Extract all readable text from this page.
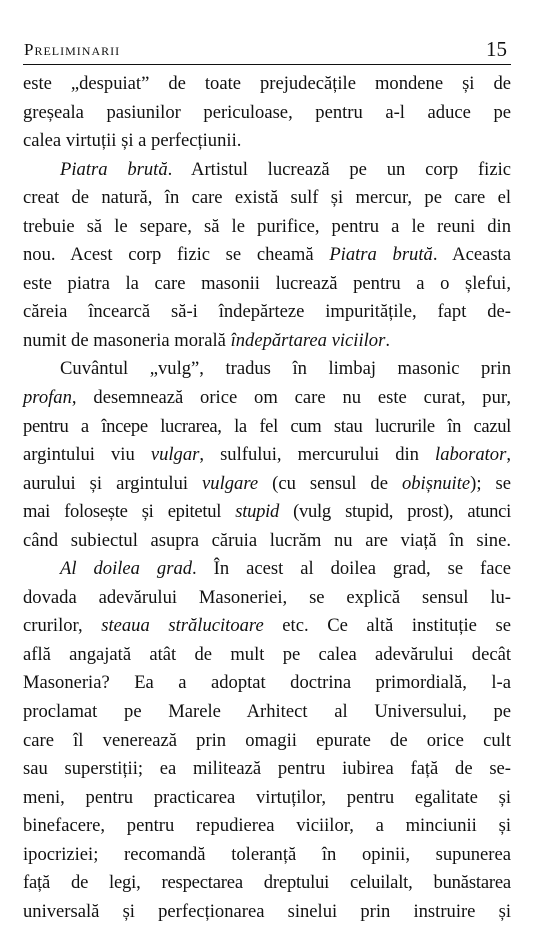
Preliminarii	15

este „despuiat” de toate prejudecățile mondene și de
greșeala pasiunilor periculoase, pentru a-l aduce pe
calea virtuții și a perfecțiunii.

Piatra brută. Artistul lucrează pe un corp fizic
creat de natură, în care există sulf și mercur, pe care el
trebuie să le separe, să le purifice, pentru a le reuni din
nou. Acest corp fizic se cheamă Piatra brută. Aceasta
este piatra la care masonii lucrează pentru a o șlefui,
căreia încearcă să-i îndepărteze impuritățile, fapt de-
numit de masoneria morală îndepărtarea viciilor.

Cuvântul „vulg”, tradus în limbaj masonic prin
profan, desemnează orice om care nu este curat, pur,
pentru a începe lucrarea, la fel cum stau lucrurile în cazul
argintului viu vulgar, sulfului, mercurului din laborator,
aurului și argintului vulgare (cu sensul de obișnuite); se
mai folosește și epitetul stupid (vulg stupid, prost), atunci
când subiectul asupra căruia lucrăm nu are viață în sine.

Al doilea grad. În acest al doilea grad, se face
dovada adevărului Masoneriei, se explică sensul lu-
crurilor, steaua strălucitoare etc. Ce altă instituție se
află angajată atât de mult pe calea adevărului decât
Masoneria? Ea a adoptat doctrina primordială, l-a
proclamat pe Marele Arhitect al Universului, pe
care îl venerează prin omagii epurate de orice cult
sau superstiții; ea militează pentru iubirea față de se-
meni, pentru practicarea virtuților, pentru egalitate și
binefacere, pentru repudierea viciilor, a minciunii și
ipocriziei; recomandă toleranță în opinii, supunerea
față de legi, respectarea dreptului celuilalt, bunăstarea
universală și perfecționarea sinelui prin instruire și
